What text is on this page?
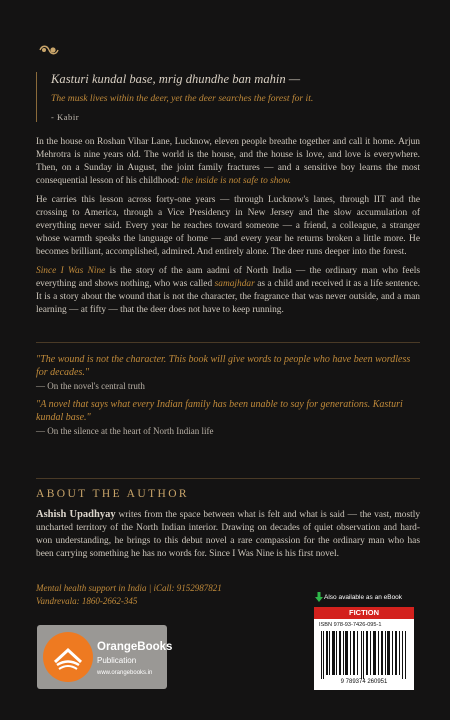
Kasturi kundal base, mrig dhundhe ban mahin —

The musk lives within the deer, yet the deer searches the forest for it.

- Kabir

In the house on Roshan Vihar Lane, Lucknow, eleven people breathe together and call it home. Arjun Mehrotra is nine years old. The world is the house, and the house is love, and love is everywhere. Then, on a Sunday in August, the joint family fractures — and a sensitive boy learns the most consequential lesson of his childhood: the inside is not safe to show.

He carries this lesson across forty-one years — through Lucknow's lanes, through IIT and the crossing to America, through a Vice Presidency in New Jersey and the slow accumulation of everything never said. Every year he reaches toward someone — a friend, a colleague, a stranger whose warmth speaks the language of home — and every year he returns broken a little more. He becomes brilliant, accomplished, admired. And entirely alone. The deer runs deeper into the forest.

Since I Was Nine is the story of the aam aadmi of North India — the ordinary man who feels everything and shows nothing, who was called samajhdar as a child and received it as a life sentence. It is a story about the wound that is not the character, the fragrance that was never outside, and a man learning — at fifty — that the deer does not have to keep running.

"The wound is not the character. This book will give words to people who have been wordless for decades."

— On the novel's central truth

"A novel that says what every Indian family has been unable to say for generations. Kasturi kundal base."

— On the silence at the heart of North Indian life
ABOUT THE AUTHOR

Ashish Upadhyay writes from the space between what is felt and what is said — the vast, mostly uncharted territory of the North Indian interior. Drawing on decades of quiet observation and hard-won understanding, he brings to this debut novel a rare compassion for the ordinary man who has been carrying something he has no words for. Since I Was Nine is his first novel.

Mental health support in India | iCall: 9152987821
Vandrevala: 1860-2662-345
OrangeBooks
Publication
www.orangebooks.in
Also available as an eBook
FICTION
ISBN 978-93-7426-095-1
9 789374 260951
